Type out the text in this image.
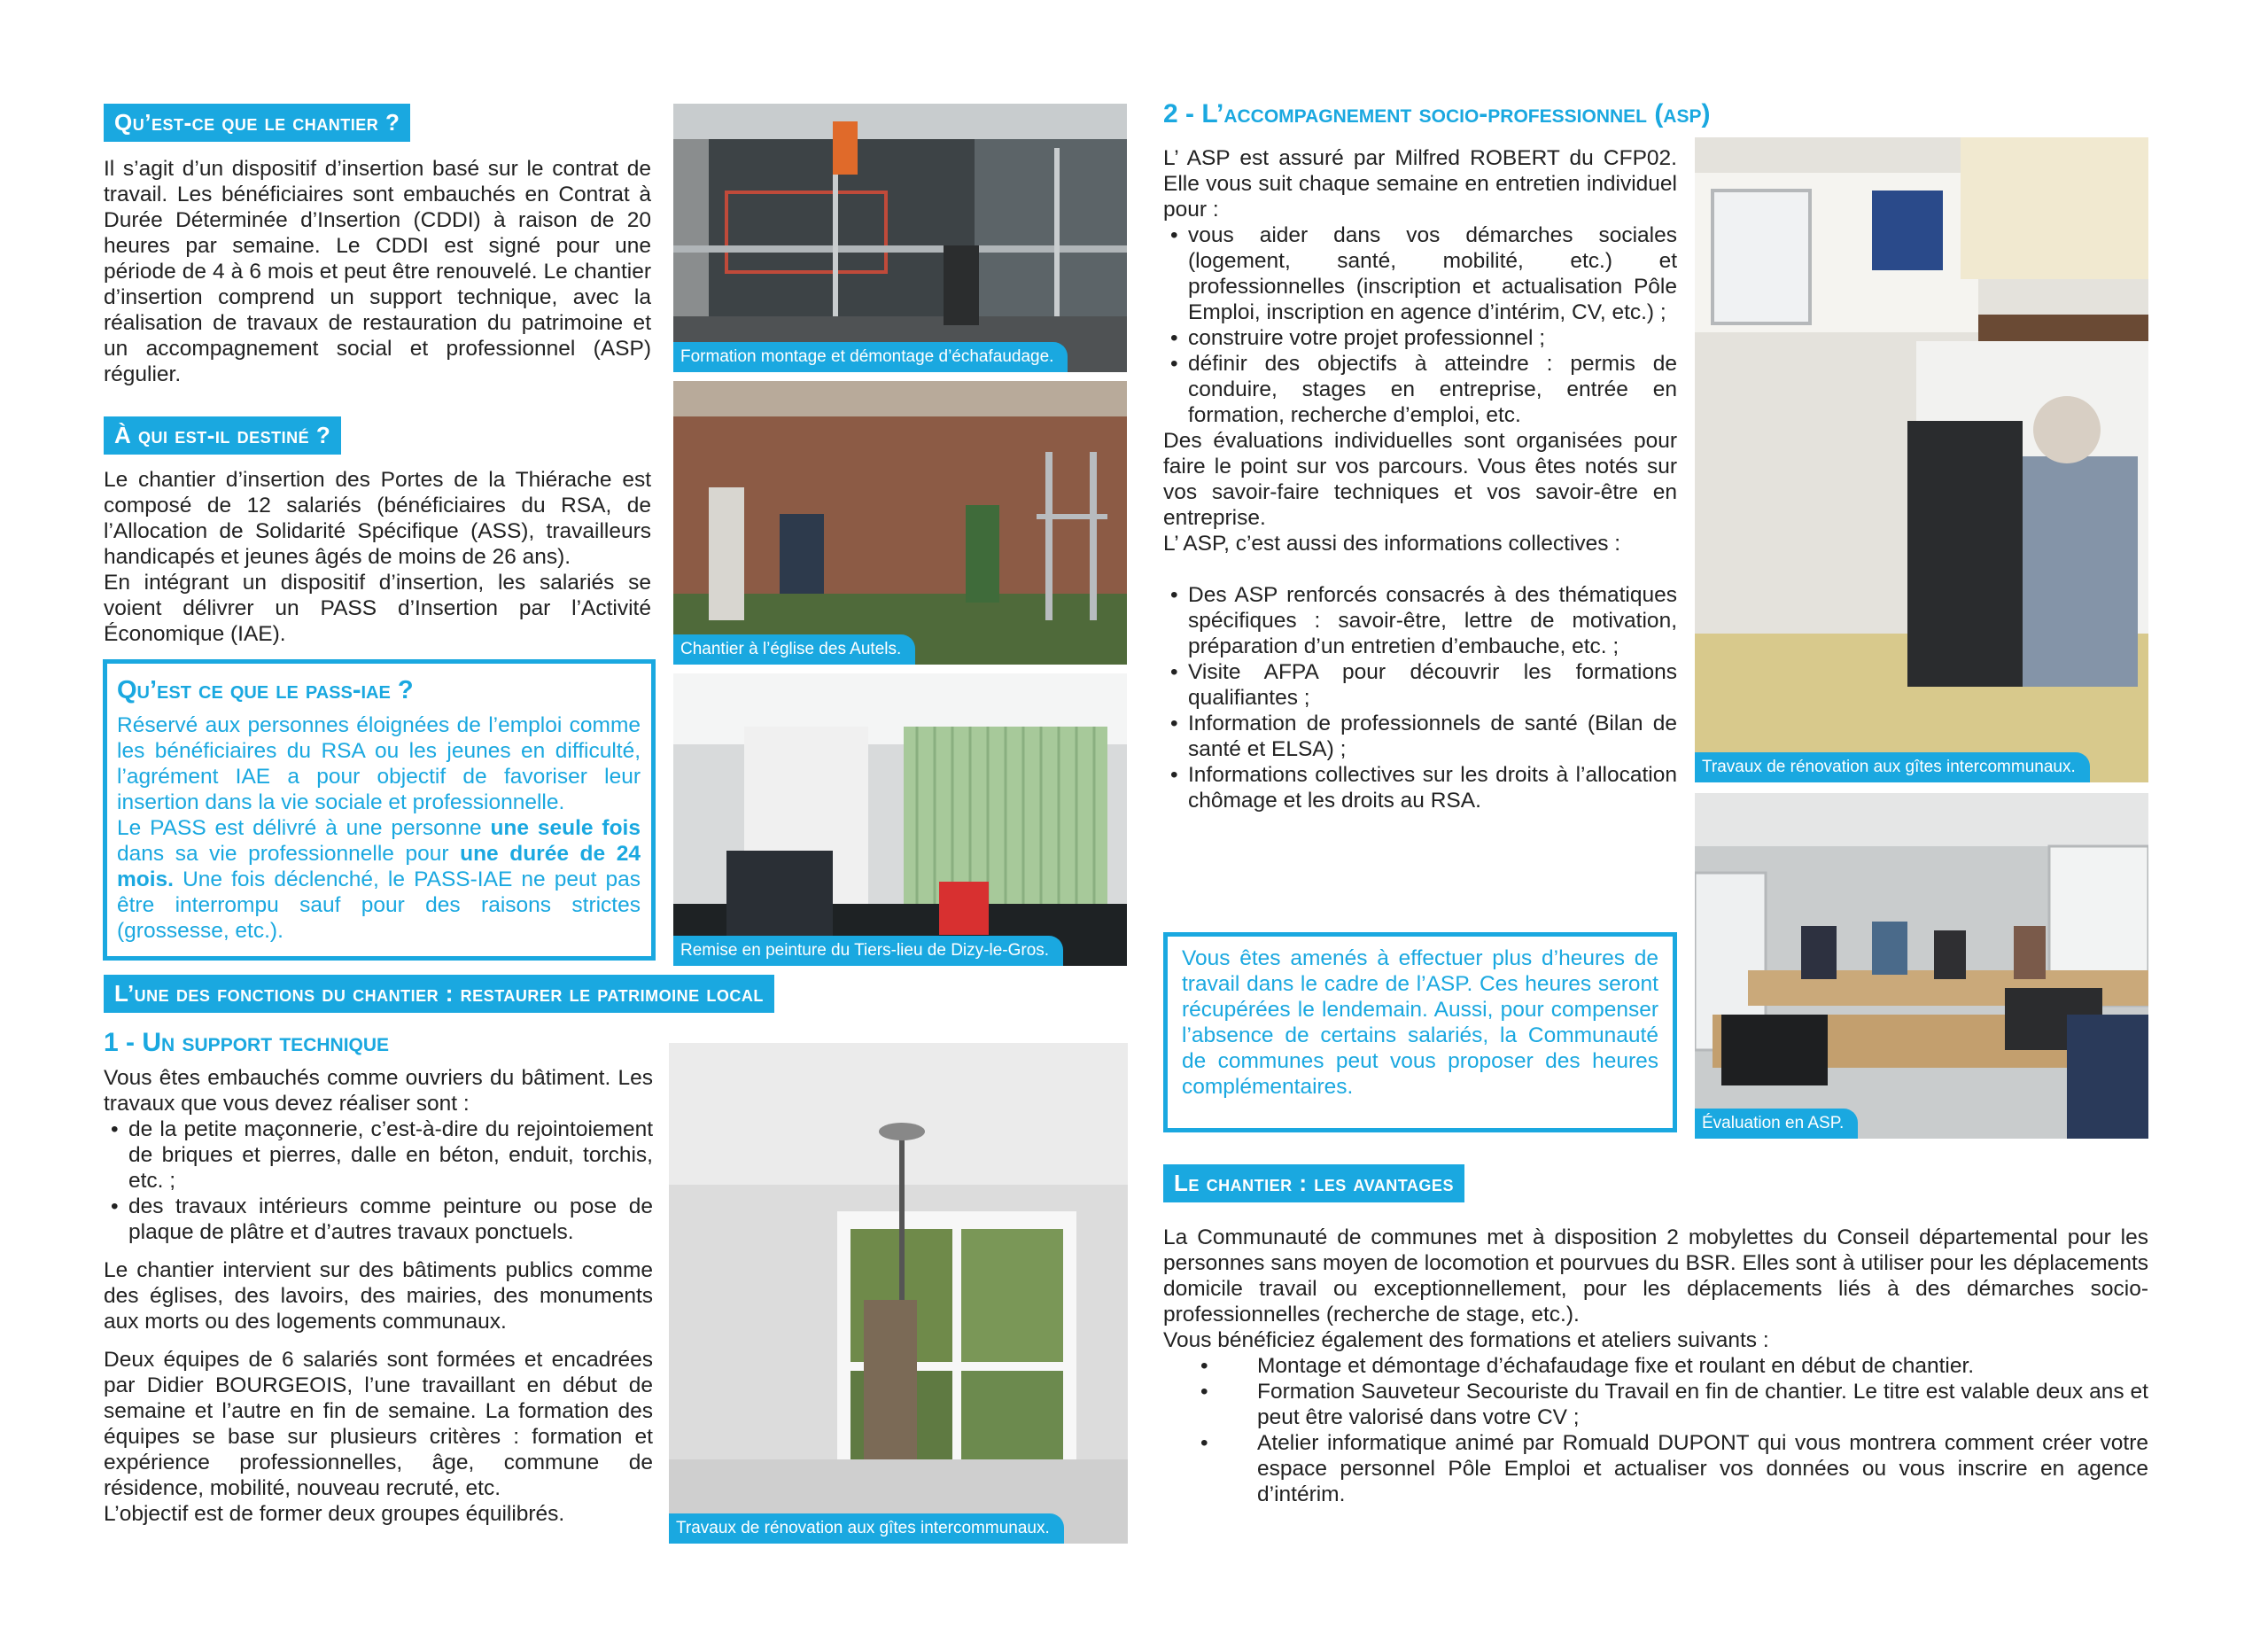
Qu’est-ce que le chantier ?

Il s’agit d’un dispositif d’insertion basé sur le contrat de travail. Les bénéficiaires sont embauchés en Contrat à Durée Déterminée d’Insertion (CDDI) à raison de 20 heures par semaine. Le CDDI est signé pour une période de 4 à 6 mois et peut être renouvelé. Le chantier d’insertion comprend un support technique, avec la réalisation de travaux de restauration du patrimoine et un accompagnement social et professionnel (ASP) régulier.

À qui est-il destiné ?

Le chantier d’insertion des Portes de la Thiérache est composé de 12 salariés (bénéficiaires du RSA, de l’Allocation de Solidarité Spécifique (ASS), travailleurs handicapés et jeunes âgés de moins de 26 ans).

En intégrant un dispositif d’insertion, les salariés se voient délivrer un PASS d’Insertion par l’Activité Économique (IAE).

Qu’est ce que le pass-iae ?

Réservé aux personnes éloignées de l’emploi comme les bénéficiaires du RSA ou les jeunes en difficulté, l’agrément IAE a pour objectif de favoriser leur insertion dans la vie sociale et professionnelle.

Le PASS est délivré à une personne une seule fois dans sa vie professionnelle pour une durée de 24 mois. Une fois déclenché, le PASS-IAE ne peut pas être interrompu sauf pour des raisons strictes (grossesse, etc.).

L’une des fonctions du chantier : restaurer le patrimoine local
1 - Un support technique

Vous êtes embauchés comme ouvriers du bâtiment. Les travaux que vous devez réaliser sont :

• de la petite maçonnerie, c’est-à-dire du rejointoiement de briques et pierres, dalle en béton, enduit, torchis, etc. ;
• des travaux intérieurs comme peinture ou pose de plaque de plâtre et d’autres travaux ponctuels.

Le chantier intervient sur des bâtiments publics comme des églises, des lavoirs, des mairies, des monuments aux morts ou des logements communaux.

Deux équipes de 6 salariés sont formées et encadrées par Didier BOURGEOIS, l’une travaillant en début de semaine et l’autre en fin de semaine. La formation des équipes se base sur plusieurs critères : formation et expérience professionnelles, âge, commune de résidence, mobilité, nouveau recruté, etc.

L’objectif est de former deux groupes équilibrés.

Formation montage et démontage d’échafaudage.
Chantier à l’église des Autels.
Remise en peinture du Tiers-lieu de Dizy-le-Gros.
Travaux de rénovation aux gîtes intercommunaux.
2 - L’accompagnement socio-professionnel (asp)

L’ ASP est assuré par Milfred ROBERT du CFP02. Elle vous suit chaque semaine en entretien individuel pour :

• vous aider dans vos démarches sociales (logement, santé, mobilité, etc.) et professionnelles (inscription et actualisation Pôle Emploi, inscription en agence d’intérim, CV, etc.) ;
• construire votre projet professionnel ;
• définir des objectifs à atteindre : permis de conduire, stages en entreprise, entrée en formation, recherche d’emploi, etc.

Des évaluations individuelles sont organisées pour faire le point sur vos parcours. Vous êtes notés sur vos savoir-faire techniques et vos savoir-être en entreprise.

L’ ASP, c’est aussi des informations collectives :

• Des ASP renforcés consacrés à des thématiques spécifiques : savoir-être, lettre de motivation, préparation d’un entretien d’embauche, etc. ;
• Visite AFPA pour découvrir les formations qualifiantes ;
• Information de professionnels de santé (Bilan de santé et ELSA) ;
• Informations collectives sur les droits à l’allocation chômage et les droits au RSA.
Vous êtes amenés à effectuer plus d’heures de travail dans le cadre de l’ASP. Ces heures seront récupérées le lendemain. Aussi, pour compenser l’absence de certains salariés, la Communauté de communes peut vous proposer des heures complémentaires.
Travaux de rénovation aux gîtes intercommunaux.
Évaluation en ASP.
Le chantier : les avantages

La Communauté de communes met à disposition 2 mobylettes du Conseil départemental pour les personnes sans moyen de locomotion et pourvues du BSR. Elles sont à utiliser pour les déplacements domicile travail ou exceptionnellement, pour les déplacements liés à des démarches socio-professionnelles (recherche de stage, etc.).

Vous bénéficiez également des formations et ateliers suivants :

• Montage et démontage d’échafaudage fixe et roulant en début de chantier.
• Formation Sauveteur Secouriste du Travail en fin de chantier. Le titre est valable deux ans et peut être valorisé dans votre CV ;
• Atelier informatique animé par Romuald DUPONT qui vous montrera comment créer votre espace personnel Pôle Emploi et actualiser vos données ou vous inscrire en agence d’intérim.
